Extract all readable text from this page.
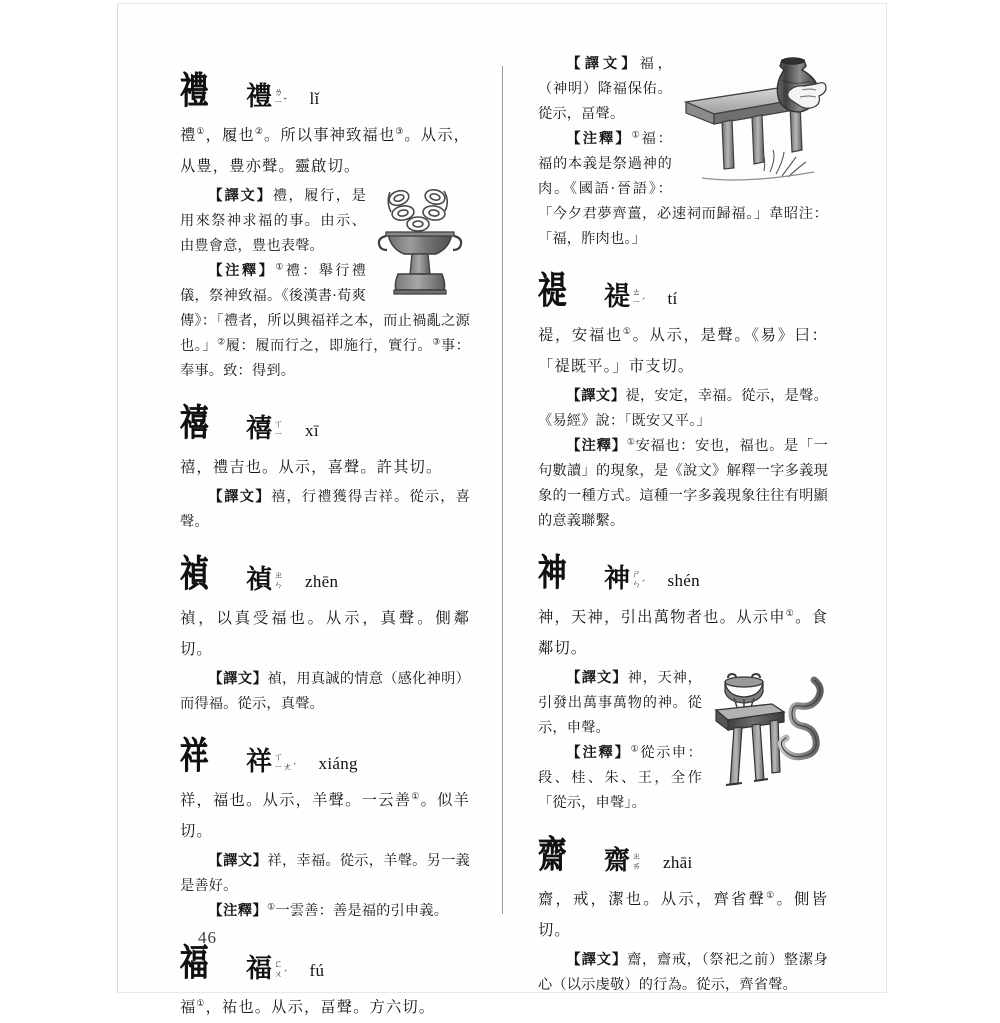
禮	禮 ㄌ
ㄧˇ lǐ

禮①，履也②。所以事神致福也③。从示，从豊，豊亦聲。靈啟切。

【譯文】禮，履行，是用來祭神求福的事。由示、由豊會意，豊也表聲。

【注釋】①禮：舉行禮儀，祭神致福。《後漢書·荀爽傳》：「禮者，所以興福祥之本，而止禍亂之源也。」②履：履而行之，即施行，實行。③事：奉事。致：得到。

禧	禧 ㄒ
ㄧ xī

禧，禮吉也。从示，喜聲。許其切。

【譯文】禧，行禮獲得吉祥。從示，喜聲。

禎	禎 ㄓ
ㄣ zhēn

禎，以真受福也。从示，真聲。側鄰切。

【譯文】禎，用真誠的情意（感化神明）而得福。從示，真聲。

祥	祥 ㄒ
ㄧㄤˊ xiáng

祥，福也。从示，羊聲。一云善①。似羊切。

【譯文】祥，幸福。從示，羊聲。另一義是善好。

【注釋】①一雲善：善是福的引申義。

福	福 ㄈ
ㄨˊ fú

福①，祐也。从示，畐聲。方六切。

【譯文】福，（神明）降福保佑。從示，畐聲。

【注釋】①福：福的本義是祭過神的肉。《國語·晉語》：「今夕君夢齊薑，必速祠而歸福。」韋昭注：「福，胙肉也。」

禔	禔 ㄊ
ㄧˊ tí

禔，安福也①。从示，是聲。《易》曰：「禔既平。」市支切。

【譯文】禔，安定，幸福。從示，是聲。《易經》說：「既安又平。」

【注釋】①安福也：安也，福也。是「一句數讀」的現象，是《說文》解釋一字多義現象的一種方式。這種一字多義現象往往有明顯的意義聯繫。

神	神 ㄕ
ㄣˊ shén

神，天神，引出萬物者也。从示申①。食鄰切。

【譯文】神，天神，引發出萬事萬物的神。從示，申聲。

【注釋】①從示申：段、桂、朱、王，全作「從示，申聲」。

齋	齋 ㄓ
ㄞ zhāi

齋，戒，潔也。从示，齊省聲①。側皆切。

【譯文】齋，齋戒，（祭祀之前）整潔身心（以示虔敬）的行為。從示，齊省聲。

46
